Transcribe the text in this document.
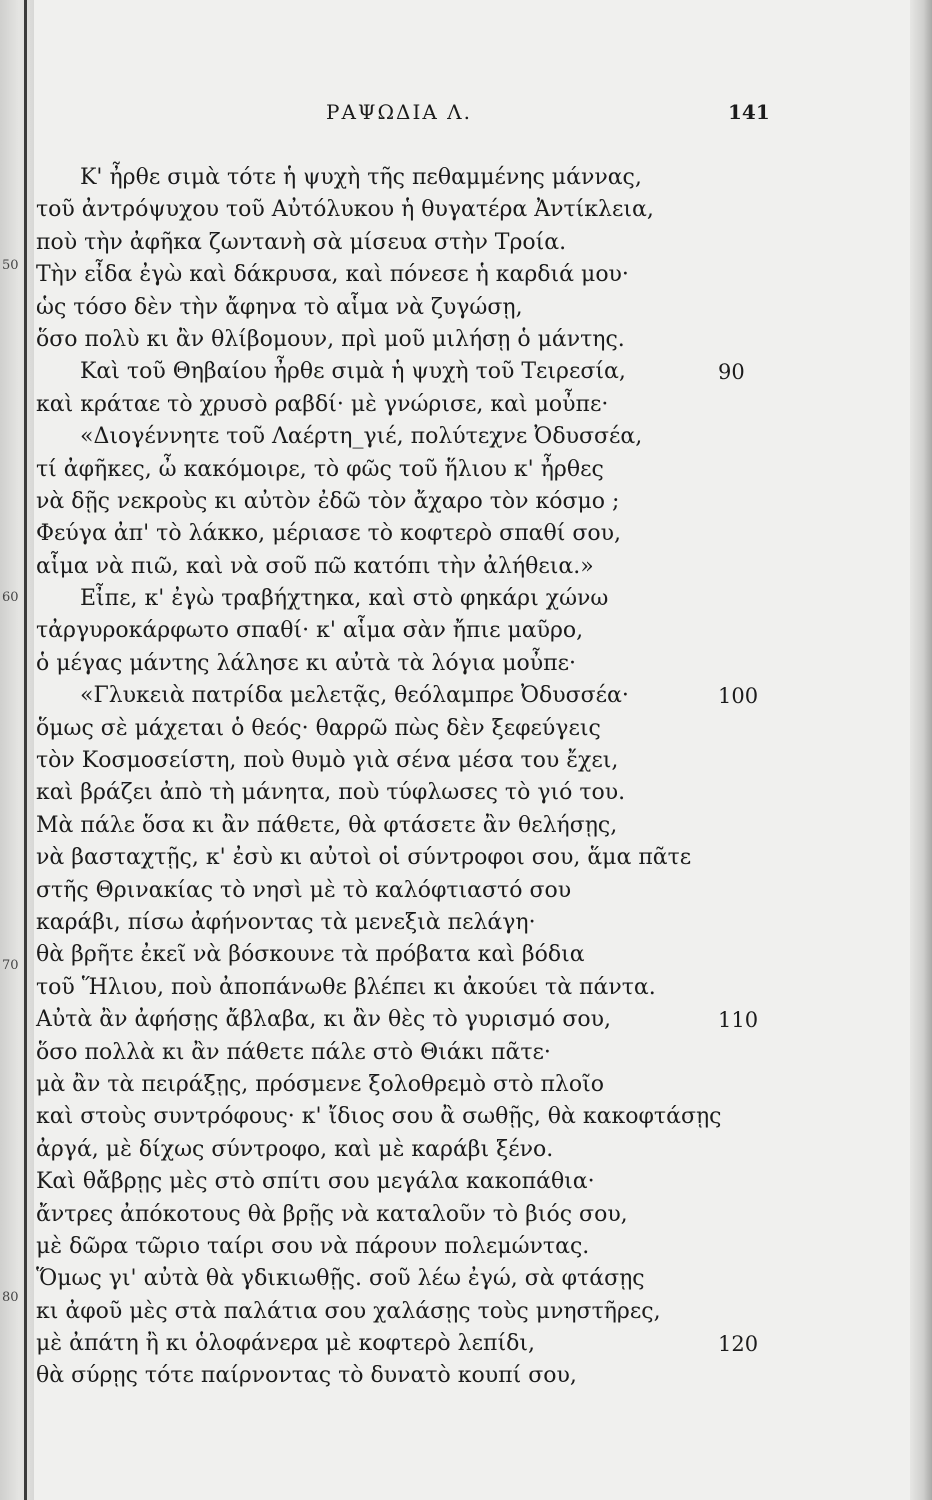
50
60
70
80
ΡΑΨΩΔΙΑ Λ.	141
Κ' ἦρθε σιμὰ τότε ἡ ψυχὴ τῆς πεθαμμένης μάννας,
τοῦ ἀντρόψυχου τοῦ Αὐτόλυκου ἡ θυγατέρα Ἀντίκλεια,
ποὺ τὴν ἀφῆκα ζωντανὴ σὰ μίσευα στὴν Τροία.
Τὴν εἶδα ἐγὼ καὶ δάκρυσα, καὶ πόνεσε ἡ καρδιά μου·
ὡς τόσο δὲν τὴν ἄφηνα τὸ αἷμα νὰ ζυγώσῃ,
ὅσο πολὺ κι ἂν θλίβομουν, πρὶ μοῦ μιλήσῃ ὁ μάντης.
Καὶ τοῦ Θηβαίου ἦρθε σιμὰ ἡ ψυχὴ τοῦ Τειρεσία,	90
καὶ κράταε τὸ χρυσὸ ραβδί· μὲ γνώρισε, καὶ μοὖπε·
«Διογέννητε τοῦ Λαέρτη_γιέ, πολύτεχνε Ὀδυσσέα,
τί ἀφῆκες, ὦ κακόμοιρε, τὸ φῶς τοῦ ἥλιου κ' ἦρθες
νὰ δῇς νεκροὺς κι αὐτὸν ἐδῶ τὸν ἄχαρο τὸν κόσμο ;
Φεύγα ἀπ' τὸ λάκκο, μέριασε τὸ κοφτερὸ σπαθί σου,
αἷμα νὰ πιῶ, καὶ νὰ σοῦ πῶ κατόπι τὴν ἀλήθεια.»
Εἶπε, κ' ἐγὼ τραβήχτηκα, καὶ στὸ φηκάρι χώνω
τἀργυροκάρφωτο σπαθί· κ' αἷμα σὰν ἤπιε μαῦρο,
ὁ μέγας μάντης λάλησε κι αὐτὰ τὰ λόγια μοὖπε·
«Γλυκειὰ πατρίδα μελετᾷς, θεόλαμπρε Ὀδυσσέα·	100
ὅμως σὲ μάχεται ὁ θεός· θαρρῶ πὼς δὲν ξεφεύγεις
τὸν Κοσμοσείστη, ποὺ θυμὸ γιὰ σένα μέσα του ἔχει,
καὶ βράζει ἀπὸ τὴ μάνητα, ποὺ τύφλωσες τὸ γιό του.
Μὰ πάλε ὅσα κι ἂν πάθετε, θὰ φτάσετε ἂν θελήσῃς,
νὰ βασταχτῇς, κ' ἐσὺ κι αὐτοὶ οἱ σύντροφοι σου, ἅμα πᾶτε
στῆς Θρινακίας τὸ νησὶ μὲ τὸ καλόφτιαστό σου
καράβι, πίσω ἀφήνοντας τὰ μενεξιὰ πελάγη·
θὰ βρῆτε ἐκεῖ νὰ βόσκουνε τὰ πρόβατα καὶ βόδια
τοῦ Ἥλιου, ποὺ ἀποπάνωθε βλέπει κι ἀκούει τὰ πάντα.
Αὐτὰ ἂν ἀφήσῃς ἄβλαβα, κι ἂν θὲς τὸ γυρισμό σου,	110
ὅσο πολλὰ κι ἂν πάθετε πάλε στὸ Θιάκι πᾶτε·
μὰ ἂν τὰ πειράξῃς, πρόσμενε ξολοθρεμὸ στὸ πλοῖο
καὶ στοὺς συντρόφους· κ' ἴδιος σου ἂ σωθῇς, θὰ κακοφτάσῃς
ἀργά, μὲ δίχως σύντροφο, καὶ μὲ καράβι ξένο.
Καὶ θἄβρῃς μὲς στὸ σπίτι σου μεγάλα κακοπάθια·
ἄντρες ἀπόκοτους θὰ βρῇς νὰ καταλοῦν τὸ βιός σου,
μὲ δῶρα τῶριο ταίρι σου νὰ πάρουν πολεμώντας.
Ὅμως γι' αὐτὰ θὰ γδικιωθῇς. σοῦ λέω ἐγώ, σὰ φτάσῃς
κι ἀφοῦ μὲς στὰ παλάτια σου χαλάσῃς τοὺς μνηστῆρες,
μὲ ἀπάτη ἢ κι ὁλοφάνερα μὲ κοφτερὸ λεπίδι,	120
θὰ σύρῃς τότε παίρνοντας τὸ δυνατὸ κουπί σου,
